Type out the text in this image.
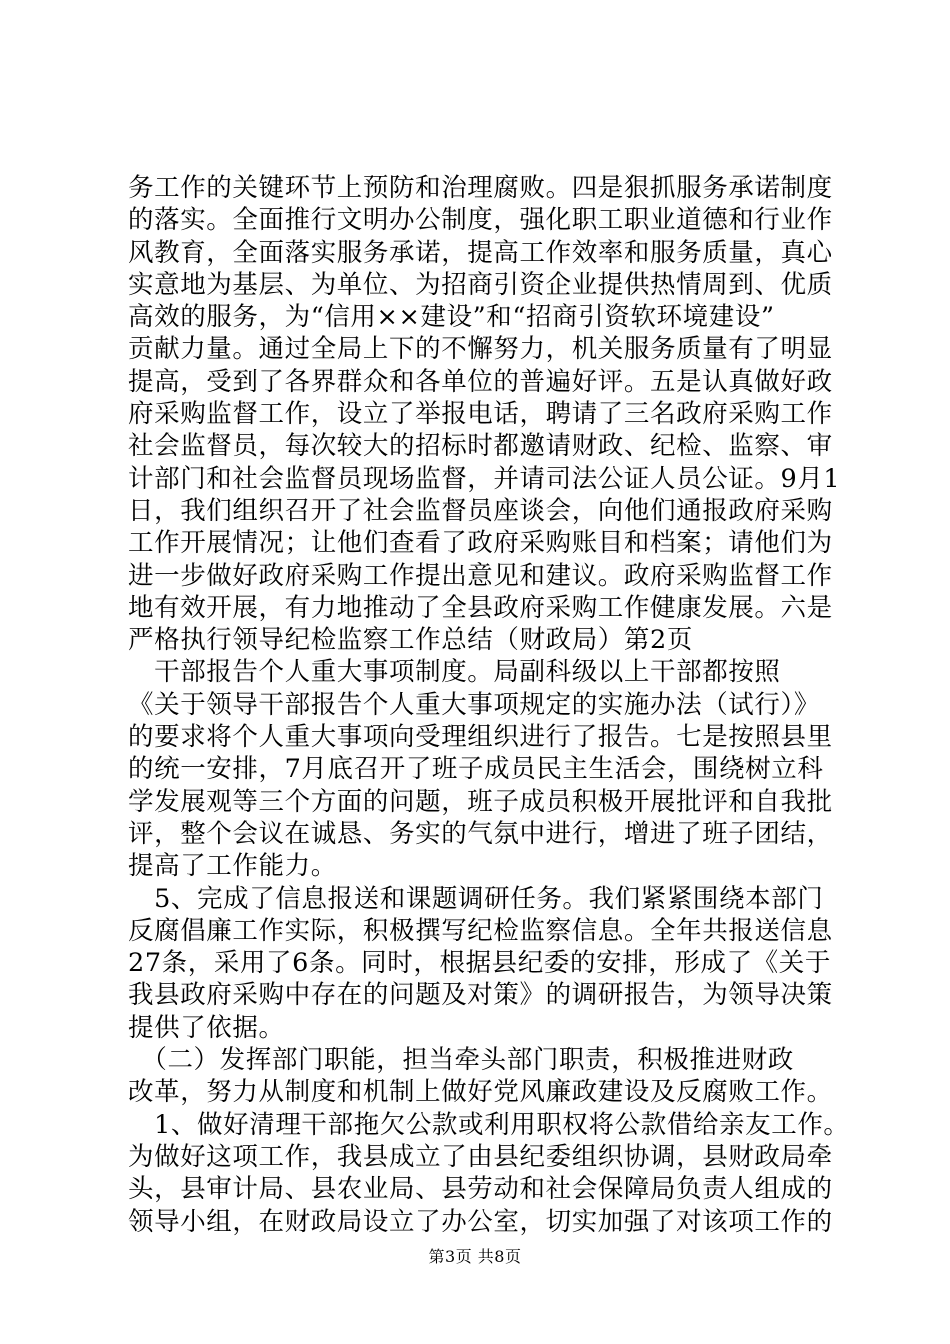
务工作的关键环节上预防和治理腐败。四是狠抓服务承诺制度
的落实。全面推行文明办公制度，强化职工职业道德和行业作
风教育，全面落实服务承诺，提高工作效率和服务质量，真心
实意地为基层、为单位、为招商引资企业提供热情周到、优质
高效的服务，为“信用××建设”和“招商引资软环境建设”
贡献力量。通过全局上下的不懈努力，机关服务质量有了明显
提高，受到了各界群众和各单位的普遍好评。五是认真做好政
府采购监督工作，设立了举报电话，聘请了三名政府采购工作
社会监督员，每次较大的招标时都邀请财政、纪检、监察、审
计部门和社会监督员现场监督，并请司法公证人员公证。9月1
日，我们组织召开了社会监督员座谈会，向他们通报政府采购
工作开展情况；让他们查看了政府采购账目和档案；请他们为
进一步做好政府采购工作提出意见和建议。政府采购监督工作
地有效开展，有力地推动了全县政府采购工作健康发展。六是
严格执行领导纪检监察工作总结（财政局）第2页
　干部报告个人重大事项制度。局副科级以上干部都按照
《关于领导干部报告个人重大事项规定的实施办法（试行）》
的要求将个人重大事项向受理组织进行了报告。七是按照县里
的统一安排，7月底召开了班子成员民主生活会，围绕树立科
学发展观等三个方面的问题，班子成员积极开展批评和自我批
评，整个会议在诚恳、务实的气氛中进行，增进了班子团结，
提高了工作能力。
　5、完成了信息报送和课题调研任务。我们紧紧围绕本部门
反腐倡廉工作实际，积极撰写纪检监察信息。全年共报送信息
27条，采用了6条。同时，根据县纪委的安排，形成了《关于
我县政府采购中存在的问题及对策》的调研报告，为领导决策
提供了依据。
　（二）发挥部门职能，担当牵头部门职责，积极推进财政
改革，努力从制度和机制上做好党风廉政建设及反腐败工作。
　1、做好清理干部拖欠公款或利用职权将公款借给亲友工作。
为做好这项工作，我县成立了由县纪委组织协调，县财政局牵
头，县审计局、县农业局、县劳动和社会保障局负责人组成的
领导小组，在财政局设立了办公室，切实加强了对该项工作的
第3页 共8页
